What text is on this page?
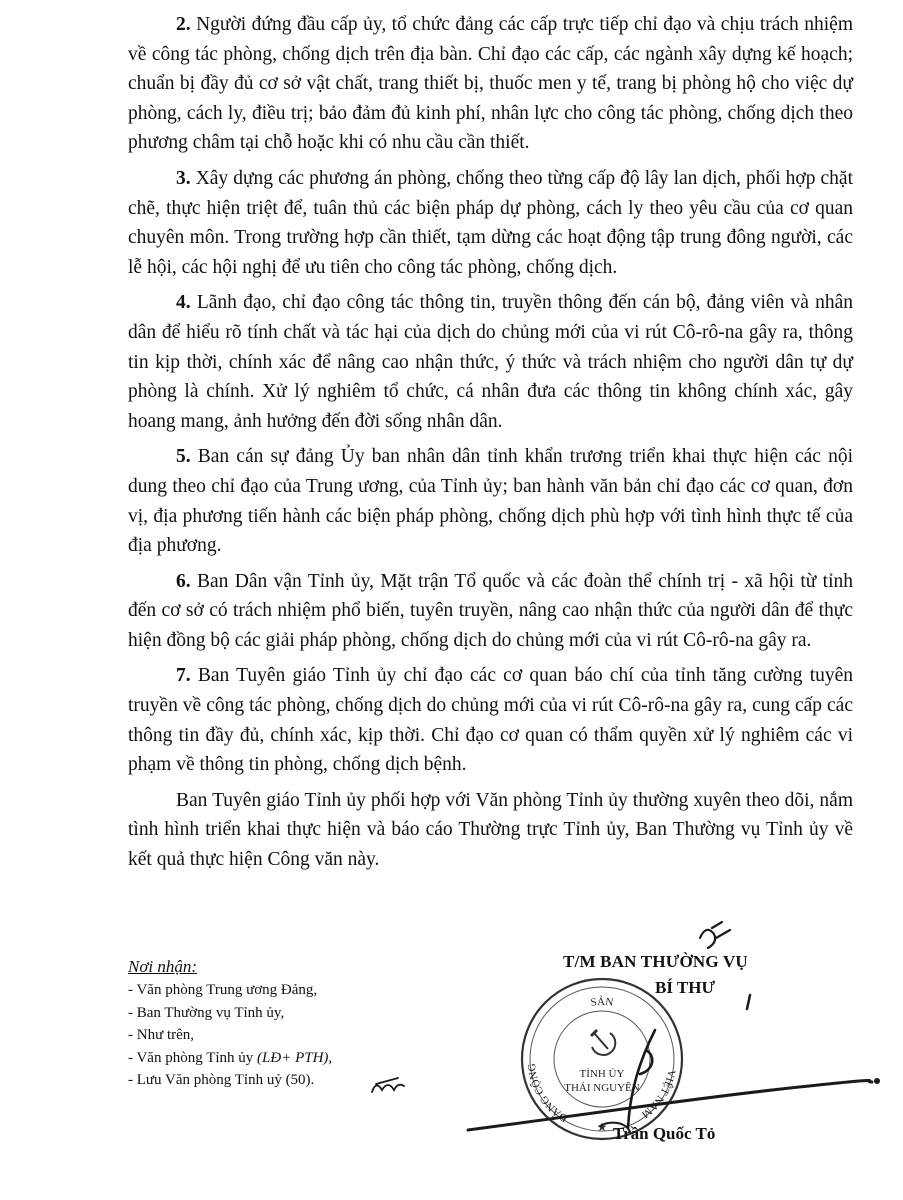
2. Người đứng đầu cấp ủy, tổ chức đảng các cấp trực tiếp chỉ đạo và chịu trách nhiệm về công tác phòng, chống dịch trên địa bàn. Chỉ đạo các cấp, các ngành xây dựng kế hoạch; chuẩn bị đầy đủ cơ sở vật chất, trang thiết bị, thuốc men y tế, trang bị phòng hộ cho việc dự phòng, cách ly, điều trị; bảo đảm đủ kinh phí, nhân lực cho công tác phòng, chống dịch theo phương châm tại chỗ hoặc khi có nhu cầu cần thiết.

3. Xây dựng các phương án phòng, chống theo từng cấp độ lây lan dịch, phối hợp chặt chẽ, thực hiện triệt để, tuân thủ các biện pháp dự phòng, cách ly theo yêu cầu của cơ quan chuyên môn. Trong trường hợp cần thiết, tạm dừng các hoạt động tập trung đông người, các lễ hội, các hội nghị để ưu tiên cho công tác phòng, chống dịch.

4. Lãnh đạo, chỉ đạo công tác thông tin, truyền thông đến cán bộ, đảng viên và nhân dân để hiểu rõ tính chất và tác hại của dịch do chủng mới của vi rút Cô-rô-na gây ra, thông tin kịp thời, chính xác để nâng cao nhận thức, ý thức và trách nhiệm cho người dân tự dự phòng là chính. Xử lý nghiêm tổ chức, cá nhân đưa các thông tin không chính xác, gây hoang mang, ảnh hưởng đến đời sống nhân dân.

5. Ban cán sự đảng Ủy ban nhân dân tỉnh khẩn trương triển khai thực hiện các nội dung theo chỉ đạo của Trung ương, của Tỉnh ủy; ban hành văn bản chỉ đạo các cơ quan, đơn vị, địa phương tiến hành các biện pháp phòng, chống dịch phù hợp với tình hình thực tế của địa phương.

6. Ban Dân vận Tỉnh ủy, Mặt trận Tổ quốc và các đoàn thể chính trị - xã hội từ tỉnh đến cơ sở có trách nhiệm phổ biến, tuyên truyền, nâng cao nhận thức của người dân để thực hiện đồng bộ các giải pháp phòng, chống dịch do chủng mới của vi rút Cô-rô-na gây ra.

7. Ban Tuyên giáo Tỉnh ủy chỉ đạo các cơ quan báo chí của tỉnh tăng cường tuyên truyền về công tác phòng, chống dịch do chủng mới của vi rút Cô-rô-na gây ra, cung cấp các thông tin đầy đủ, chính xác, kịp thời. Chỉ đạo cơ quan có thẩm quyền xử lý nghiêm các vi phạm về thông tin phòng, chống dịch bệnh.

Ban Tuyên giáo Tỉnh ủy phối hợp với Văn phòng Tỉnh ủy thường xuyên theo dõi, nắm tình hình triển khai thực hiện và báo cáo Thường trực Tỉnh ủy, Ban Thường vụ Tỉnh ủy về kết quả thực hiện Công văn này.

Nơi nhận:
- Văn phòng Trung ương Đảng,
- Ban Thường vụ Tỉnh ủy,
- Như trên,
- Văn phòng Tỉnh ủy (LĐ+ PTH),
- Lưu Văn phòng Tỉnh uỷ (50).
SẢN
ĐẢNG CỘNG
VIỆT NAM
TỈNH ỦY
THÁI NGUYÊN
★
T/M BAN THƯỜNG VỤ
BÍ THƯ
Trần Quốc Tỏ
